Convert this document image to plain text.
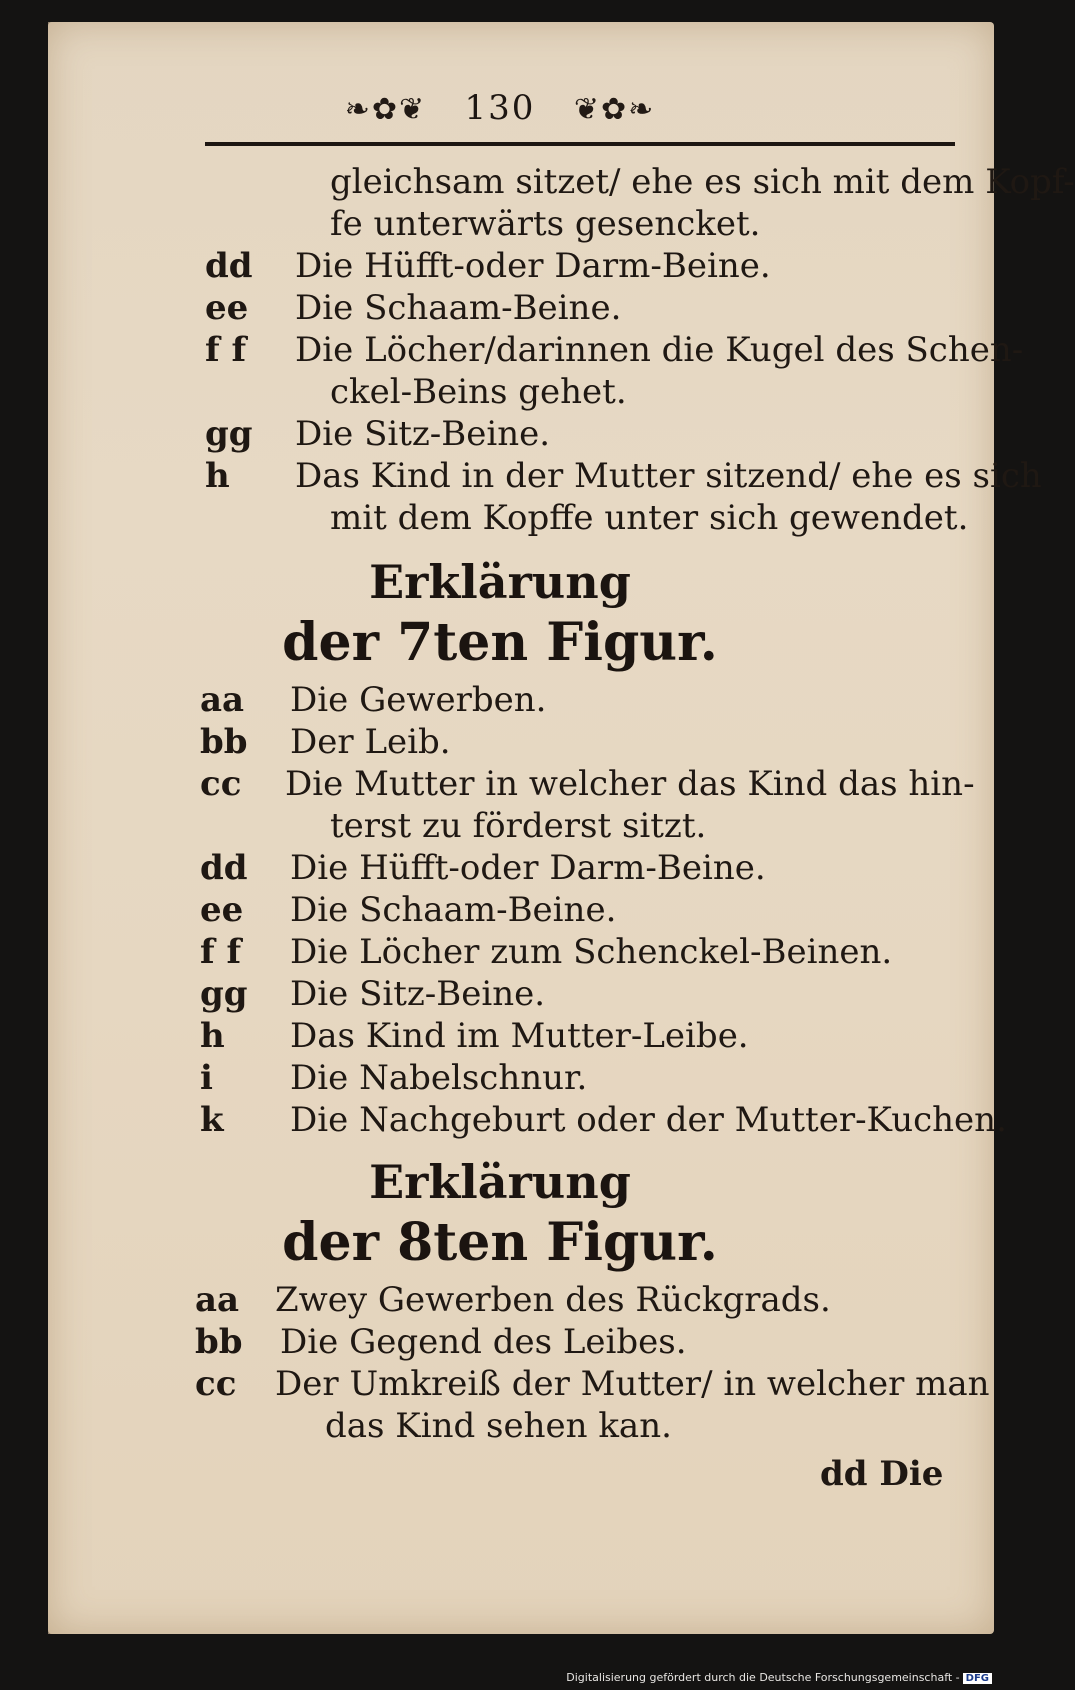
❧✿❦ 130 ❦✿❧
gleichsam sitzet/ ehe es sich mit dem Kopf-
fe unterwärts gesencket.
dd Die Hüfft-oder Darm-Beine.
ee Die Schaam-Beine.
f f Die Löcher/darinnen die Kugel des Schen-
ckel-Beins gehet.
gg Die Sitz-Beine.
h Das Kind in der Mutter sitzend/ ehe es sich
mit dem Kopffe unter sich gewendet.
Erklärung
der 7ten Figur.
aa Die Gewerben.
bb Der Leib.
cc Die Mutter in welcher das Kind das hin-
terst zu förderst sitzt.
dd Die Hüfft-oder Darm-Beine.
ee Die Schaam-Beine.
f f Die Löcher zum Schenckel-Beinen.
gg Die Sitz-Beine.
h Das Kind im Mutter-Leibe.
i Die Nabelschnur.
k Die Nachgeburt oder der Mutter-Kuchen.
Erklärung
der 8ten Figur.
aa Zwey Gewerben des Rückgrads.
bb Die Gegend des Leibes.
cc Der Umkreiß der Mutter/ in welcher man
das Kind sehen kan.
dd Die
Digitalisierung gefördert durch die Deutsche Forschungsgemeinschaft - DFG
